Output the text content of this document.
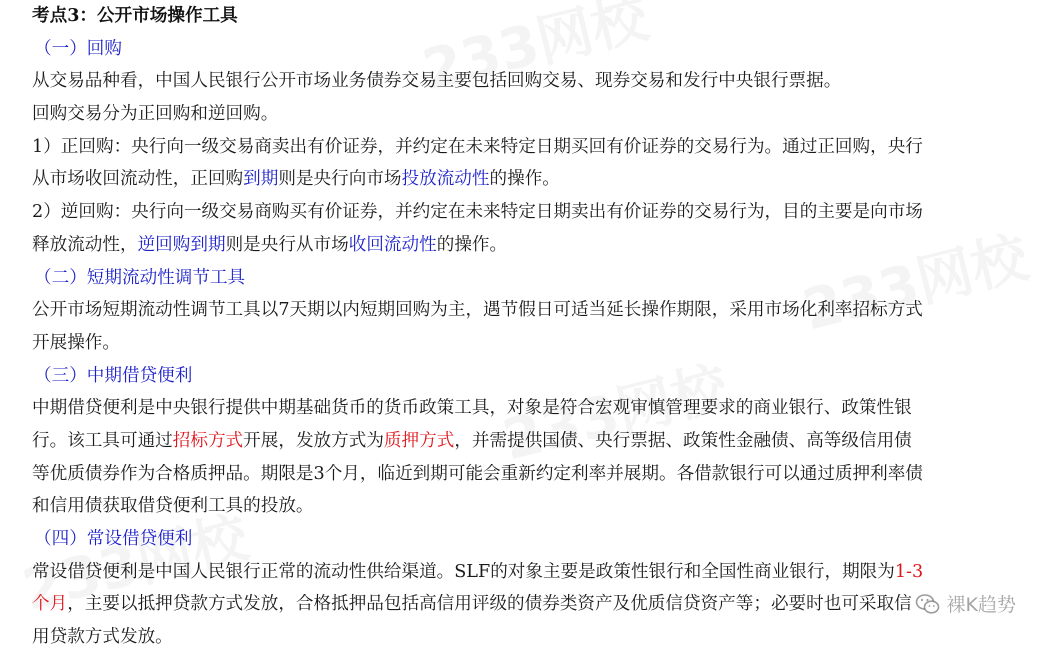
考点3：公开市场操作工具
（一）回购
从交易品种看，中国人民银行公开市场业务债券交易主要包括回购交易、现券交易和发行中央银行票据。
回购交易分为正回购和逆回购。
1）正回购：央行向一级交易商卖出有价证券，并约定在未来特定日期买回有价证券的交易行为。通过正回购，央行
从市场收回流动性，正回购到期则是央行向市场投放流动性的操作。
2）逆回购：央行向一级交易商购买有价证券，并约定在未来特定日期卖出有价证券的交易行为，目的主要是向市场
释放流动性，逆回购到期则是央行从市场收回流动性的操作。
（二）短期流动性调节工具
公开市场短期流动性调节工具以7天期以内短期回购为主，遇节假日可适当延长操作期限，采用市场化利率招标方式
开展操作。
（三）中期借贷便利
中期借贷便利是中央银行提供中期基础货币的货币政策工具，对象是符合宏观审慎管理要求的商业银行、政策性银
行。该工具可通过招标方式开展，发放方式为质押方式，并需提供国债、央行票据、政策性金融债、高等级信用债
等优质债券作为合格质押品。期限是3个月，临近到期可能会重新约定利率并展期。各借款银行可以通过质押利率债
和信用债获取借贷便利工具的投放。
（四）常设借贷便利
常设借贷便利是中国人民银行正常的流动性供给渠道。SLF的对象主要是政策性银行和全国性商业银行，期限为1-3
个月，主要以抵押贷款方式发放，合格抵押品包括高信用评级的债券类资产及优质信贷资产等；必要时也可采取信
用贷款方式发放。
裸K趋势
